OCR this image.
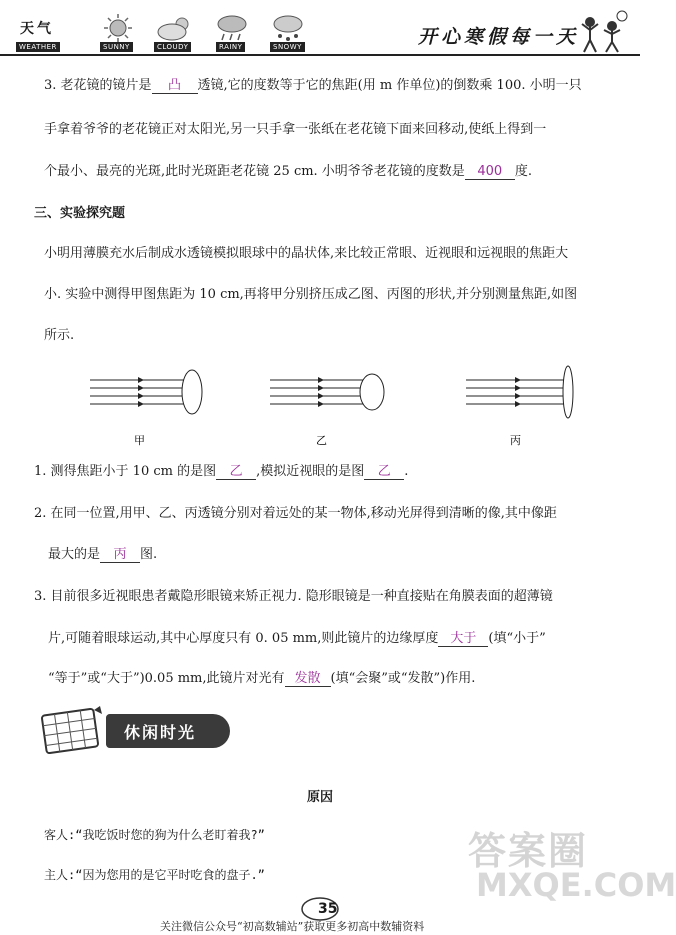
天气
WEATHER	SUNNY	CLOUDY	RAINY	SNOWY	开心寒假每一天
3. 老花镜的镜片是 凸 透镜,它的度数等于它的焦距(用 m 作单位)的倒数乘 100. 小明一只
手拿着爷爷的老花镜正对太阳光,另一只手拿一张纸在老花镜下面来回移动,使纸上得到一
个最小、最亮的光斑,此时光斑距老花镜 25 cm. 小明爷爷老花镜的度数是 400 度.
三、实验探究题
小明用薄膜充水后制成水透镜模拟眼球中的晶状体,来比较正常眼、近视眼和远视眼的焦距大
小. 实验中测得甲图焦距为 10 cm,再将甲分别挤压成乙图、丙图的形状,并分别测量焦距,如图
所示.
甲	乙	丙
1. 测得焦距小于 10 cm 的是图 乙 ,模拟近视眼的是图 乙 .
2. 在同一位置,用甲、乙、丙透镜分别对着远处的某一物体,移动光屏得到清晰的像,其中像距
最大的是 丙 图.
3. 目前很多近视眼患者戴隐形眼镜来矫正视力. 隐形眼镜是一种直接贴在角膜表面的超薄镜
片,可随着眼球运动,其中心厚度只有 0. 05 mm,则此镜片的边缘厚度 大于 (填“小于”
“等于”或“大于”)0.05 mm,此镜片对光有 发散 (填“会聚”或“发散”)作用.
休闲时光
原因
客人:“我吃饭时您的狗为什么老盯着我?”
主人:“因为您用的是它平时吃食的盘子.”
答案圈
MXQE.COM
35
关注微信公众号“初高数辅站”获取更多初高中数辅资料
